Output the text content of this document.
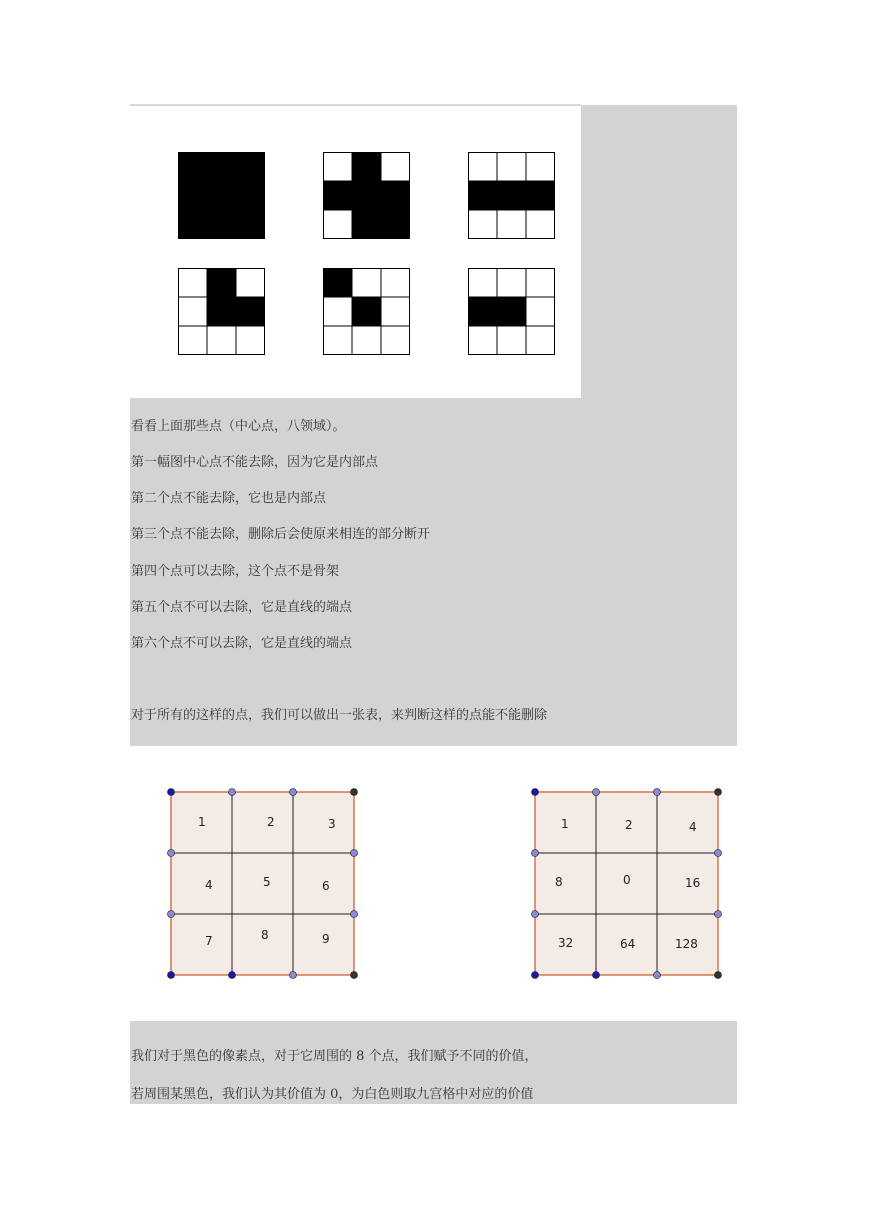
看看上面那些点（中心点，八领域）。
第一幅图中心点不能去除，因为它是内部点
第二个点不能去除，它也是内部点
第三个点不能去除，删除后会使原来相连的部分断开
第四个点可以去除，这个点不是骨架
第五个点不可以去除，它是直线的端点
第六个点不可以去除，它是直线的端点
对于所有的这样的点，我们可以做出一张表，来判断这样的点能不能删除
1	2	3
4	5	6
7	8	9
1	2	4
8	0	16
32	64	128
我们对于黑色的像素点，对于它周围的 8 个点，我们赋予不同的价值，
若周围某黑色，我们认为其价值为 0，为白色则取九宫格中对应的价值
